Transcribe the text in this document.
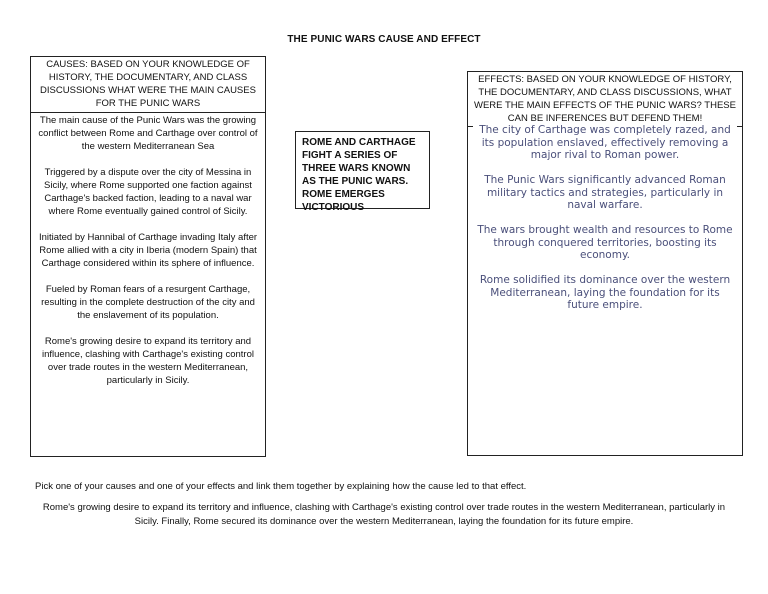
THE PUNIC WARS CAUSE AND EFFECT
CAUSES: BASED ON YOUR KNOWLEDGE OF HISTORY, THE DOCUMENTARY, AND CLASS DISCUSSIONS WHAT WERE THE MAIN CAUSES FOR THE PUNIC WARS

The main cause of the Punic Wars was the growing conflict between Rome and Carthage over control of the western Mediterranean Sea

Triggered by a dispute over the city of Messina in Sicily, where Rome supported one faction against Carthage's backed faction, leading to a naval war where Rome eventually gained control of Sicily.

Initiated by Hannibal of Carthage invading Italy after Rome allied with a city in Iberia (modern Spain) that Carthage considered within its sphere of influence.

Fueled by Roman fears of a resurgent Carthage, resulting in the complete destruction of the city and the enslavement of its population.

Rome's growing desire to expand its territory and influence, clashing with Carthage's existing control over trade routes in the western Mediterranean, particularly in Sicily.

ROME AND CARTHAGE FIGHT A SERIES OF THREE WARS KNOWN AS THE PUNIC WARS. ROME EMERGES VICTORIOUS
EFFECTS: BASED ON YOUR KNOWLEDGE OF HISTORY, THE DOCUMENTARY, AND CLASS DISCUSSIONS, WHAT WERE THE MAIN EFFECTS OF THE PUNIC WARS? THESE CAN BE INFERENCES BUT DEFEND THEM!

The city of Carthage was completely razed, and its population enslaved, effectively removing a major rival to Roman power.

The Punic Wars significantly advanced Roman military tactics and strategies, particularly in naval warfare.

The wars brought wealth and resources to Rome through conquered territories, boosting its economy.

Rome solidified its dominance over the western Mediterranean, laying the foundation for its future empire.

Pick one of your causes and one of your effects and link them together by explaining how the cause led to that effect.
Rome's growing desire to expand its territory and influence, clashing with Carthage's existing control over trade routes in the western Mediterranean, particularly in Sicily. Finally, Rome secured its dominance over the western Mediterranean, laying the foundation for its future empire.
